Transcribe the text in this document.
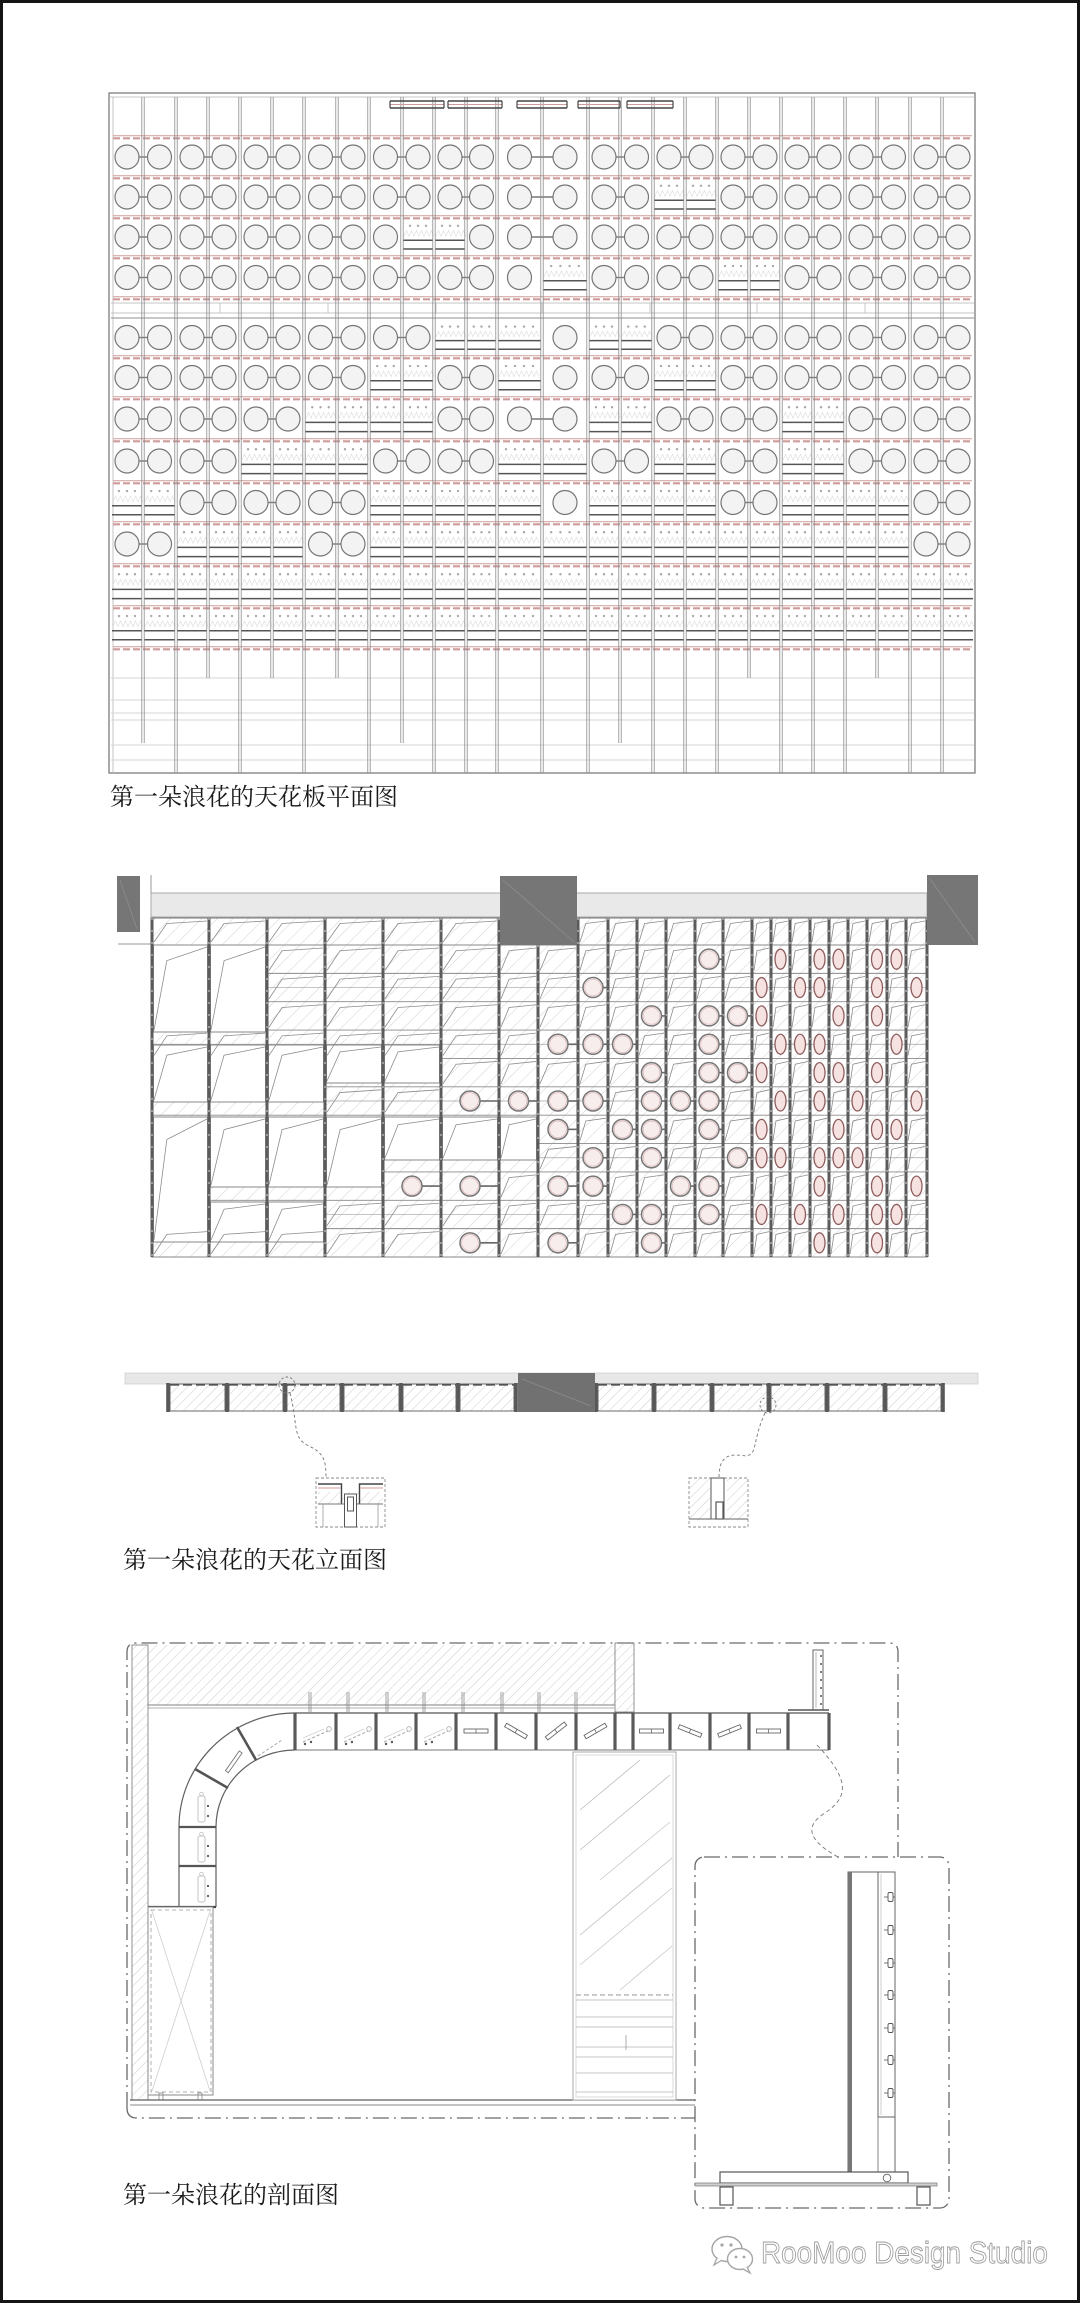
第一朵浪花的天花板平面图
第一朵浪花的天花立面图
第一朵浪花的剖面图
RooMoo Design Studio
